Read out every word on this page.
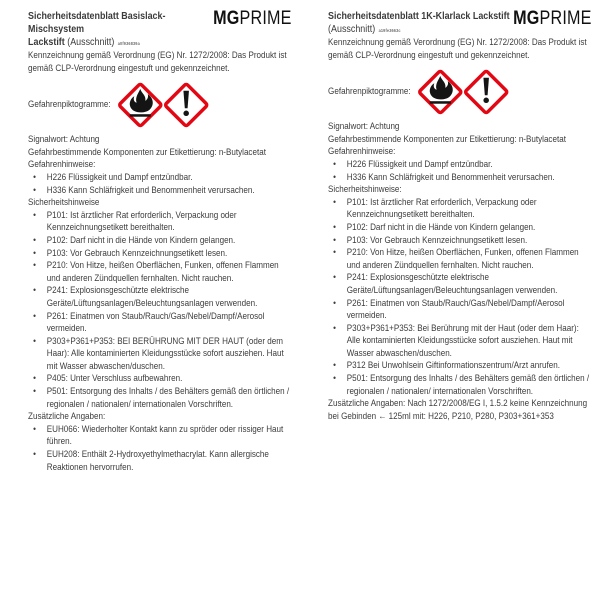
MGPRIME
Sicherheitsdatenblatt Basislack-Mischsystem
Lackstift (Ausschnitt) a0f936839a
Kennzeichnung gemäß Verordnung (EG) Nr. 1272/2008: Das Produkt ist gemäß CLP-Verordnung eingestuft und gekennzeichnet.
Gefahrenpiktogramme:
Signalwort: Achtung
Gefahrbestimmende Komponenten zur Etikettierung: n-Butylacetat
Gefahrenhinweise:
• H226 Flüssigkeit und Dampf entzündbar.
• H336 Kann Schläfrigkeit und Benommenheit verursachen.
Sicherheitshinweise
• P101: Ist ärztlicher Rat erforderlich, Verpackung oder Kennzeichnungsetikett bereithalten.
• P102: Darf nicht in die Hände von Kindern gelangen.
• P103: Vor Gebrauch Kennzeichnungsetikett lesen.
• P210: Von Hitze, heißen Oberflächen, Funken, offenen Flammen und anderen Zündquellen fernhalten. Nicht rauchen.
• P241: Explosionsgeschützte elektrische Geräte/Lüftungsanlagen/Beleuchtungsanlagen verwenden.
• P261: Einatmen von Staub/Rauch/Gas/Nebel/Dampf/Aerosol vermeiden.
• P303+P361+P353: BEI BERÜHRUNG MIT DER HAUT (oder dem Haar): Alle kontaminierten Kleidungsstücke sofort ausziehen. Haut mit Wasser abwaschen/duschen.
• P405: Unter Verschluss aufbewahren.
• P501: Entsorgung des Inhalts / des Behälters gemäß den örtlichen / regionalen / nationalen/ internationalen Vorschriften.
Zusätzliche Angaben:
• EUH066: Wiederholter Kontakt kann zu spröder oder rissiger Haut führen.
• EUH208: Enthält 2-Hydroxyethylmethacrylat. Kann allergische Reaktionen hervorrufen.
MGPRIME
Sicherheitsdatenblatt 1K-Klarlack Lackstift
(Ausschnitt) a19fe3663c
Kennzeichnung gemäß Verordnung (EG) Nr. 1272/2008: Das Produkt ist gemäß CLP-Verordnung eingestuft und gekennzeichnet.
Gefahrenpiktogramme:
Signalwort: Achtung
Gefahrbestimmende Komponenten zur Etikettierung: n-Butylacetat
Gefahrenhinweise:
• H226 Flüssigkeit und Dampf entzündbar.
• H336 Kann Schläfrigkeit und Benommenheit verursachen.
Sicherheitshinweise:
• P101: Ist ärztlicher Rat erforderlich, Verpackung oder Kennzeichnungsetikett bereithalten.
• P102: Darf nicht in die Hände von Kindern gelangen.
• P103: Vor Gebrauch Kennzeichnungsetikett lesen.
• P210: Von Hitze, heißen Oberflächen, Funken, offenen Flammen und anderen Zündquellen fernhalten. Nicht rauchen.
• P241: Explosionsgeschützte elektrische Geräte/Lüftungsanlagen/Beleuchtungsanlagen verwenden.
• P261: Einatmen von Staub/Rauch/Gas/Nebel/Dampf/Aerosol vermeiden.
• P303+P361+P353: Bei Berührung mit der Haut (oder dem Haar): Alle kontaminierten Kleidungsstücke sofort ausziehen. Haut mit Wasser abwaschen/duschen.
• P312 Bei Unwohlsein Giftinformationszentrum/Arzt anrufen.
• P501: Entsorgung des Inhalts / des Behälters gemäß den örtlichen / regionalen / nationalen/ internationalen Vorschriften.
Zusätzliche Angaben: Nach 1272/2008/EG I, 1.5.2 keine Kennzeichnung bei Gebinden ← 125ml mit: H226, P210, P280, P303+361+353
